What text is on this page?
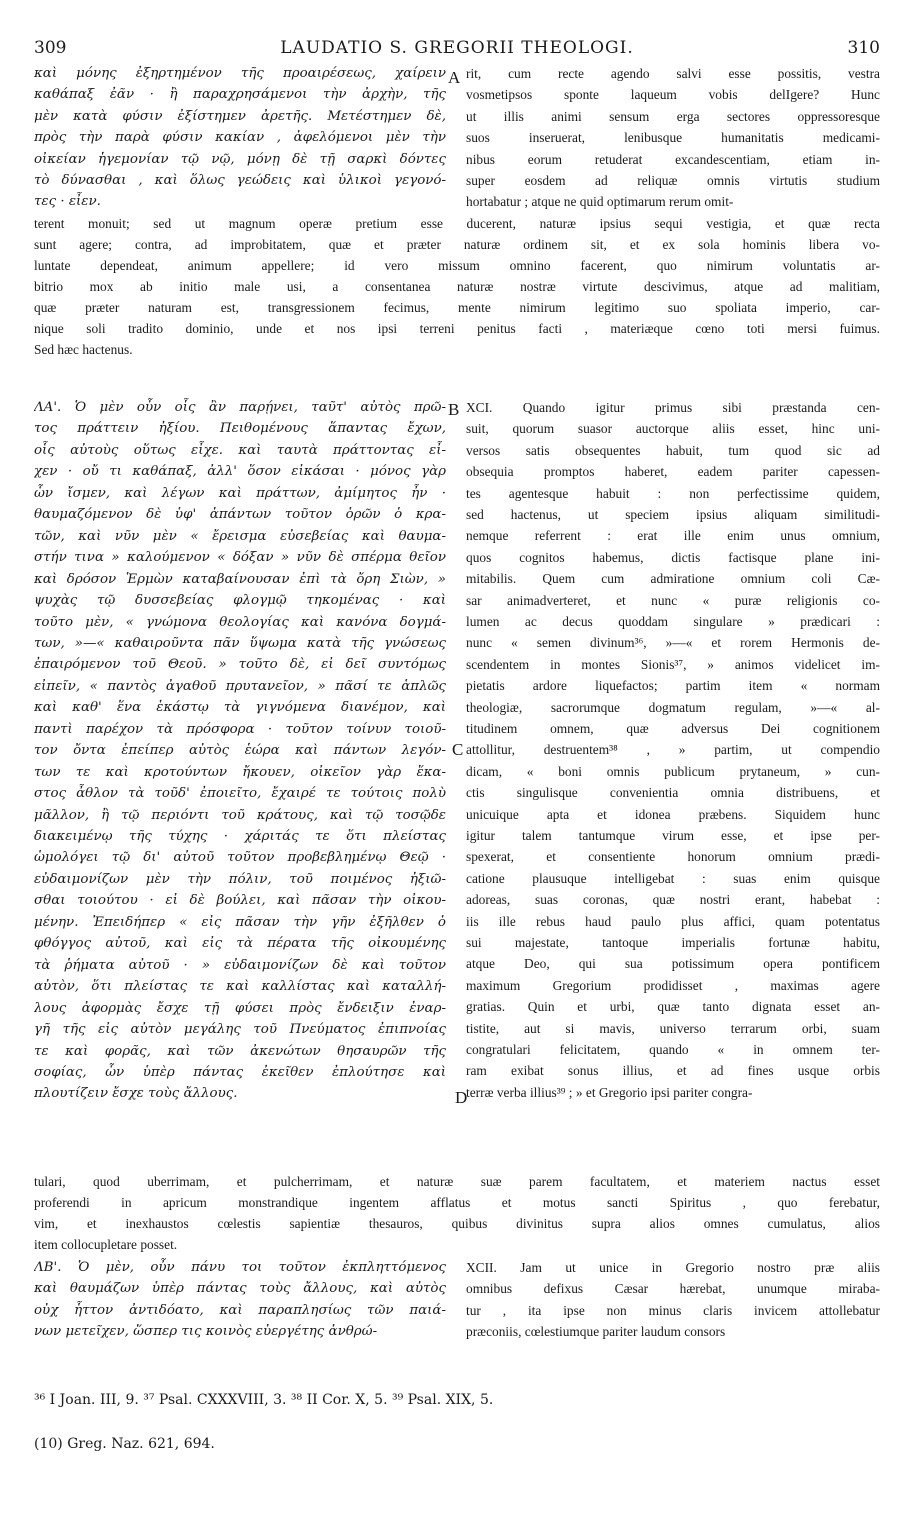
309	LAUDATIO S. GREGORII THEOLOGI.	310
καὶ μόνης ἐξηρτημένον τῆς προαιρέσεως, χαίρειν
καθάπαξ ἐᾶν · ἢ παραχρησάμενοι τὴν ἀρχὴν, τῆς
μὲν κατὰ φύσιν ἐξίστημεν ἀρετῆς. Μετέστημεν δὲ,
πρὸς τὴν παρὰ φύσιν κακίαν , ἀφελόμενοι μὲν τὴν
οἰκείαν ἡγεμονίαν τῷ νῷ, μόνῃ δὲ τῇ σαρκὶ δόντες
τὸ δύνασθαι , καὶ ὅλως γεώδεις καὶ ὑλικοὶ γεγονό-
τες · εἶεν.
rit, cum recte agendo salvi esse possitis, vestra
vosmetipsos sponte laqueum vobis delIgere? Hunc
ut illis animi sensum erga sectores oppressoresque
suos inseruerat, lenibusque humanitatis medicami-
nibus eorum retuderat excandescentiam, etiam in-
super eosdem ad reliquæ omnis virtutis studium
hortabatur ; atque ne quid optimarum rerum omit-
terent monuit; sed ut magnum operæ pretium esse ducerent, naturæ ipsius sequi vestigia, et quæ recta
sunt agere; contra, ad improbitatem, quæ et præter naturæ ordinem sit, et ex sola hominis libera vo-
luntate dependeat, animum appellere; id vero missum omnino facerent, quo nimirum voluntatis ar-
bitrio mox ab initio male usi, a consentanea naturæ nostræ virtute descivimus, atque ad malitiam,
quæ præter naturam est, transgressionem fecimus, mente nimirum legitimo suo spoliata imperio, car-
nique soli tradito dominio, unde et nos ipsi terreni penitus facti , materiæque cœno toti mersi fuimus.
Sed hæc hactenus.
ΛΑ'. Ὁ μὲν οὖν οἷς ἂν παρῄνει, ταῦτ' αὐτὸς πρῶ-
τος πράττειν ἠξίου. Πειθομένους ἅπαντας ἔχων,
οἷς αὐτοὺς οὕτως εἶχε. καὶ ταυτὰ πράττοντας εἶ-
χεν · οὔ τι καθάπαξ, ἀλλ' ὅσον εἰκάσαι · μόνος γὰρ
ὧν ἴσμεν, καὶ λέγων καὶ πράττων, ἀμίμητος ἦν ·
θαυμαζόμενον δὲ ὑφ' ἁπάντων τοῦτον ὁρῶν ὁ κρα-
τῶν, καὶ νῦν μὲν « ἔρεισμα εὐσεβείας καὶ θαυμα-
στήν τινα » καλούμενον « δόξαν » νῦν δὲ σπέρμα θεῖον
καὶ δρόσον Ἑρμὼν καταβαίνουσαν ἐπὶ τὰ ὄρη Σιὼν, »
ψυχὰς τῷ δυσσεβείας φλογμῷ τηκομένας · καὶ
τοῦτο μὲν, « γνώμονα θεολογίας καὶ κανόνα δογμά-
των, »—« καθαιροῦντα πᾶν ὕψωμα κατὰ τῆς γνώσεως
ἐπαιρόμενον τοῦ Θεοῦ. » τοῦτο δὲ, εἰ δεῖ συντόμως
εἰπεῖν, « παντὸς ἀγαθοῦ πρυτανεῖον, » πᾶσί τε ἁπλῶς
καὶ καθ' ἕνα ἑκάστῳ τὰ γιγνόμενα διανέμον, καὶ
παντὶ παρέχον τὰ πρόσφορα · τοῦτον τοίνυν τοιοῦ-
τον ὄντα ἐπείπερ αὐτὸς ἑώρα καὶ πάντων λεγόν-
των τε καὶ κροτούντων ἤκουεν, οἰκεῖον γὰρ ἕκα-
στος ἆθλον τὰ τοῦδ' ἐποιεῖτο, ἔχαιρέ τε τούτοις πολὺ
μᾶλλον, ἢ τῷ περιόντι τοῦ κράτους, καὶ τῷ τοσῷδε
διακειμένῳ τῆς τύχης · χάριτάς τε ὅτι πλείστας
ὡμολόγει τῷ δι' αὐτοῦ τοῦτον προβεβλημένῳ Θεῷ ·
εὐδαιμονίζων μὲν τὴν πόλιν, τοῦ ποιμένος ἠξιῶ-
σθαι τοιούτου · εἰ δὲ βούλει, καὶ πᾶσαν τὴν οἰκου-
μένην. Ἐπειδήπερ « εἰς πᾶσαν τὴν γῆν ἐξῆλθεν ὁ
φθόγγος αὐτοῦ, καὶ εἰς τὰ πέρατα τῆς οἰκουμένης
τὰ ῥήματα αὐτοῦ · » εὐδαιμονίζων δὲ καὶ τοῦτον
αὐτὸν, ὅτι πλείστας τε καὶ καλλίστας καὶ καταλλή-
λους ἀφορμὰς ἔσχε τῇ φύσει πρὸς ἔνδειξιν ἐναρ-
γῆ τῆς εἰς αὐτὸν μεγάλης τοῦ Πνεύματος ἐπιπνοίας
τε καὶ φορᾶς, καὶ τῶν ἀκενώτων θησαυρῶν τῆς
σοφίας, ὧν ὑπὲρ πάντας ἐκεῖθεν ἐπλούτησε καὶ
πλουτίζειν ἔσχε τοὺς ἄλλους.
XCI. Quando igitur primus sibi præstanda cen-
suit, quorum suasor auctorque aliis esset, hinc uni-
versos satis obsequentes habuit, tum quod sic ad
obsequia promptos haberet, eadem pariter capessen-
tes agentesque habuit : non perfectissime quidem,
sed hactenus, ut speciem ipsius aliquam similitudi-
nemque referrent : erat ille enim unus omnium,
quos cognitos habemus, dictis factisque plane ini-
mitabilis. Quem cum admiratione omnium coli Cæ-
sar animadverteret, et nunc « puræ religionis co-
lumen ac decus quoddam singulare » prædicari :
nunc « semen divinum³⁶, »—« et rorem Hermonis de-
scendentem in montes Sionis³⁷, » animos videlicet im-
pietatis ardore liquefactos; partim item « normam
theologiæ, sacrorumque dogmatum regulam, »—« al-
titudinem omnem, quæ adversus Dei cognitionem
attollitur, destruentem³⁸ , » partim, ut compendio
dicam, « boni omnis publicum prytaneum, » cun-
ctis singulisque convenientia omnia distribuens, et
unicuique apta et idonea præbens. Siquidem hunc
igitur talem tantumque virum esse, et ipse per-
spexerat, et consentiente honorum omnium prædi-
catione plausuque intelligebat : suas enim quisque
adoreas, suas coronas, quæ nostri erant, habebat :
iis ille rebus haud paulo plus affici, quam potentatus
sui majestate, tantoque imperialis fortunæ habitu,
atque Deo, qui sua potissimum opera pontificem
maximum Gregorium prodidisset , maximas agere
gratias. Quin et urbi, quæ tanto dignata esset an-
tistite, aut si mavis, universo terrarum orbi, suam
congratulari felicitatem, quando « in omnem ter-
ram exibat sonus illius, et ad fines usque orbis
terræ verba illius³⁹ ; » et Gregorio ipsi pariter congra-
tulari, quod uberrimam, et pulcherrimam, et naturæ suæ parem facultatem, et materiem nactus esset
proferendi in apricum monstrandique ingentem afflatus et motus sancti Spiritus , quo ferebatur,
vim, et inexhaustos cœlestis sapientiæ thesauros, quibus divinitus supra alios omnes cumulatus, alios
item collocupletare posset.
ΛΒ'. Ὁ μὲν, οὖν πάνυ τοι τοῦτον ἐκπληττόμενος
καὶ θαυμάζων ὑπὲρ πάντας τοὺς ἄλλους, καὶ αὐτὸς
οὐχ ἧττον ἀντιδόατο, καὶ παραπλησίως τῶν παιά-
νων μετεῖχεν, ὥσπερ τις κοινὸς εὐεργέτης ἀνθρώ-
XCII. Jam ut unice in Gregorio nostro præ aliis
omnibus defixus Cæsar hærebat, unumque miraba-
tur , ita ipse non minus claris invicem attollebatur
præconiis, cœlestiumque pariter laudum consors
A
B
C
D
³⁶ I Joan. III, 9. ³⁷ Psal. CXXXVIII, 3. ³⁸ II Cor. X, 5. ³⁹ Psal. XIX, 5.
(10) Greg. Naz. 621, 694.
